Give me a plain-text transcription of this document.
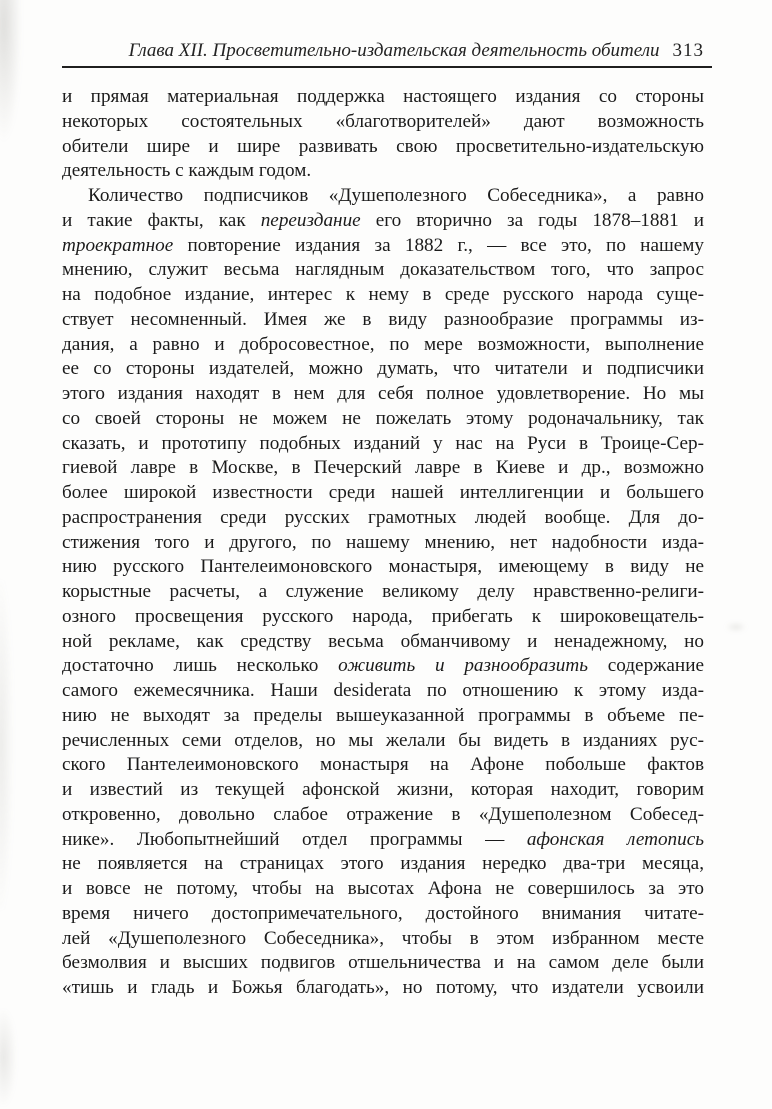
Глава XII. Просветительно-издательская деятельность обители 313
и прямая материальная поддержка настоящего издания со стороны
некоторых состоятельных «благотворителей» дают возможность
обители шире и шире развивать свою просветительно-издательскую
деятельность с каждым годом.
Количество подписчиков «Душеполезного Собеседника», а равно
и такие факты, как переиздание его вторично за годы 1878–1881 и
троекратное повторение издания за 1882 г., — все это, по нашему
мнению, служит весьма наглядным доказательством того, что запрос
на подобное издание, интерес к нему в среде русского народа суще-
ствует несомненный. Имея же в виду разнообразие программы из-
дания, а равно и добросовестное, по мере возможности, выполнение
ее со стороны издателей, можно думать, что читатели и подписчики
этого издания находят в нем для себя полное удовлетворение. Но мы
со своей стороны не можем не пожелать этому родоначальнику, так
сказать, и прототипу подобных изданий у нас на Руси в Троице-Сер-
гиевой лавре в Москве, в Печерский лавре в Киеве и др., возможно
более широкой известности среди нашей интеллигенции и большего
распространения среди русских грамотных людей вообще. Для до-
стижения того и другого, по нашему мнению, нет надобности изда-
нию русского Пантелеимоновского монастыря, имеющему в виду не
корыстные расчеты, а служение великому делу нравственно-религи-
озного просвещения русского народа, прибегать к широковещатель-
ной рекламе, как средству весьма обманчивому и ненадежному, но
достаточно лишь несколько оживить и разнообразить содержание
самого ежемесячника. Наши desiderata по отношению к этому изда-
нию не выходят за пределы вышеуказанной программы в объеме пе-
речисленных семи отделов, но мы желали бы видеть в изданиях рус-
ского Пантелеимоновского монастыря на Афоне побольше фактов
и известий из текущей афонской жизни, которая находит, говорим
откровенно, довольно слабое отражение в «Душеполезном Собесед-
нике». Любопытнейший отдел программы — афонская летопись
не появляется на страницах этого издания нередко два-три месяца,
и вовсе не потому, чтобы на высотах Афона не совершилось за это
время ничего достопримечательного, достойного внимания читате-
лей «Душеполезного Собеседника», чтобы в этом избранном месте
безмолвия и высших подвигов отшельничества и на самом деле были
«тишь и гладь и Божья благодать», но потому, что издатели усвоили
